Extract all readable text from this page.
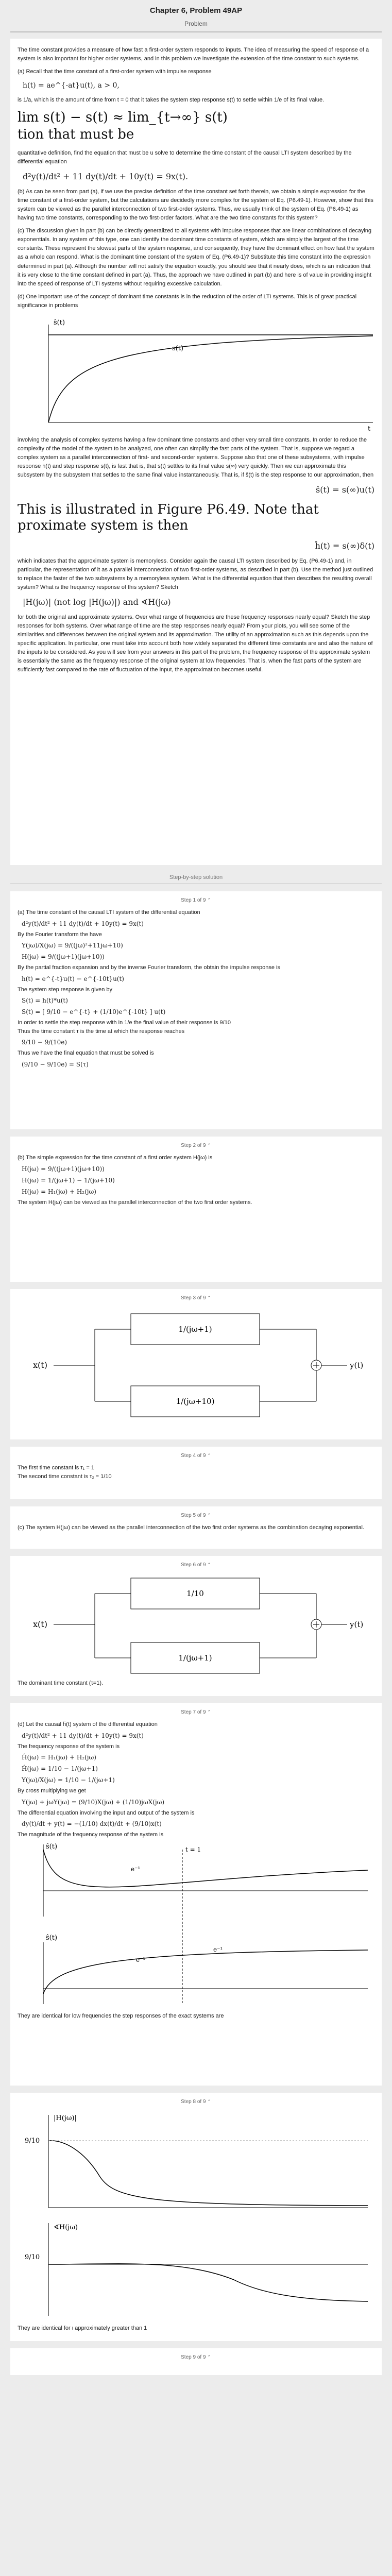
Chapter 6, Problem 49AP
Problem

The time constant provides a measure of how fast a first-order system responds to inputs. The idea of measuring the speed of response of a system is also important for higher order systems, and in this problem we investigate the extension of the time constant to such systems.

(a) Recall that the time constant of a first-order system with impulse response

h(t) = ae^{-at}u(t), a > 0,

is 1/a, which is the amount of time from t = 0 that it takes the system step response s(t) to settle within 1/e of its final value.

lim s(t) − s(t) ≈ lim_{t→∞} s(t)
tion that must be

quantitative definition, find the equation that must be u solve to determine the time constant of the causal LTI system described by the differential equation

d²y(t)/dt² + 11 dy(t)/dt + 10y(t) = 9x(t).

(b) As can be seen from part (a), if we use the precise definition of the time constant set forth therein, we obtain a simple expression for the time constant of a first-order system, but the calculations are decidedly more complex for the system of Eq. (P6.49-1). However, show that this system can be viewed as the parallel interconnection of two first-order systems. Thus, we usually think of the system of Eq. (P6.49-1) as having two time constants, corresponding to the two first-order factors. What are the two time constants for this system?

(c) The discussion given in part (b) can be directly generalized to all systems with impulse responses that are linear combinations of decaying exponentials. In any system of this type, one can identify the dominant time constants of system, which are simply the largest of the time constants. These represent the slowest parts of the system response, and consequently, they have the dominant effect on how fast the system as a whole can respond. What is the dominant time constant of the system of Eq. (P6.49-1)? Substitute this time constant into the expression determined in part (a). Although the number will not satisfy the equation exactly, you should see that it nearly does, which is an indication that it is very close to the time constant defined in part (a). Thus, the approach we have outlined in part (b) and here is of value in providing insight into the speed of response of LTI systems without requiring excessive calculation.

(d) One important use of the concept of dominant time constants is in the reduction of the order of LTI systems. This is of great practical significance in problems

ŝ(t)
s(t)
t

involving the analysis of complex systems having a few dominant time constants and other very small time constants. In order to reduce the complexity of the model of the system to be analyzed, one often can simplify the fast parts of the system. That is, suppose we regard a complex system as a parallel interconnection of first- and second-order systems. Suppose also that one of these subsystems, with impulse response h(t) and step response s(t), is fast that is, that s(t) settles to its final value s(∞) very quickly. Then we can approximate this subsystem by the subsystem that settles to the same final value instantaneously. That is, if ŝ(t) is the step response to our approximation, then

ŝ(t) = s(∞)u(t)
This is illustrated in Figure P6.49. Note that proximate system is then
ĥ(t) = s(∞)δ(t)

which indicates that the approximate system is memoryless. Consider again the causal LTI system described by Eq. (P6.49-1) and, in particular, the representation of it as a parallel interconnection of two first-order systems, as described in part (b). Use the method just outlined to replace the faster of the two subsystems by a memoryless system. What is the differential equation that then describes the resulting overall system? What is the frequency response of this system? Sketch

|H(jω)| (not log |H(jω)|) and ∢H(jω)

for both the original and approximate systems. Over what range of frequencies are these frequency responses nearly equal? Sketch the step responses for both systems. Over what range of time are the step responses nearly equal? From your plots, you will see some of the similarities and differences between the original system and its approximation. The utility of an approximation such as this depends upon the specific application. In particular, one must take into account both how widely separated the different time constants are and also the nature of the inputs to be considered. As you will see from your answers in this part of the problem, the frequency response of the approximate system is essentially the same as the frequency response of the original system at low frequencies. That is, when the fast parts of the system are sufficiently fast compared to the rate of fluctuation of the input, the approximation becomes useful.

Step-by-step solution
Step 1 of 9 ⌃
(a) The time constant of the causal LTI system of the differential equation
d²y(t)/dt² + 11 dy(t)/dt + 10y(t) = 9x(t)
By the Fourier transform the have
Y(jω)/X(jω) = 9/((jω)²+11jω+10)
H(jω) = 9/((jω+1)(jω+10))
By the partial fraction expansion and by the inverse Fourier transform, the obtain the impulse response is
h(t) = e^{-t}u(t) − e^{-10t}u(t)
The system step response is given by
S(t) = h(t)*u(t)
S(t) = [ 9/10 − e^{-t} + (1/10)e^{-10t} ] u(t)
In order to settle the step response with in 1/e the final value of their response is 9/10
Thus the time constant τ is the time at which the response reaches
9/10 − 9/(10e)
Thus we have the final equation that must be solved is
(9/10 − 9/10e) = S(τ)
Step 2 of 9 ⌃
(b) The simple expression for the time constant of a first order system H(jω) is
H(jω) = 9/((jω+1)(jω+10))
H(jω) = 1/(jω+1) − 1/(jω+10)
H(jω) = H₁(jω) + H₂(jω)
The system H(jω) can be viewed as the parallel interconnection of the two first order systems.
Step 3 of 9 ⌃
x(t)
1/(jω+1)
1/(jω+10)
y(t)
Step 4 of 9 ⌃
The first time constant is τ₁ = 1
The second time constant is τ₂ = 1/10
Step 5 of 9 ⌃
(c) The system H(jω) can be viewed as the parallel interconnection of the two first order systems as the combination decaying exponential.
Step 6 of 9 ⌃
x(t)
1/10
1/(jω+1)
y(t)
The dominant time constant (τ=1).
Step 7 of 9 ⌃
(d) Let the causal ĥ(t) system of the differential equation
d²y(t)/dt² + 11 dy(t)/dt + 10y(t) = 9x(t)
The frequency response of the system is
Ĥ(jω) = H₁(jω) + H₂(jω)
Ĥ(jω) = 1/10 − 1/(jω+1)
Y(jω)/X(jω) = 1/10 − 1/(jω+1)
By cross multiplying we get
Y(jω) + jωY(jω) = (9/10)X(jω) + (1/10)jωX(jω)
The differential equation involving the input and output of the system is
dy(t)/dt + y(t) = −(1/10) dx(t)/dt + (9/10)x(t)
The magnitude of the frequency response of the system is
ŝ(t)	t = 1
e⁻¹
ŝ(t)
e⁻¹
e⁻¹
They are identical for low frequencies the step responses of the exact systems are
Step 8 of 9 ⌃
|H(jω)|
9/10
∢H(jω)
9/10
They are identical for ι approximately greater than 1
Step 9 of 9 ⌃
